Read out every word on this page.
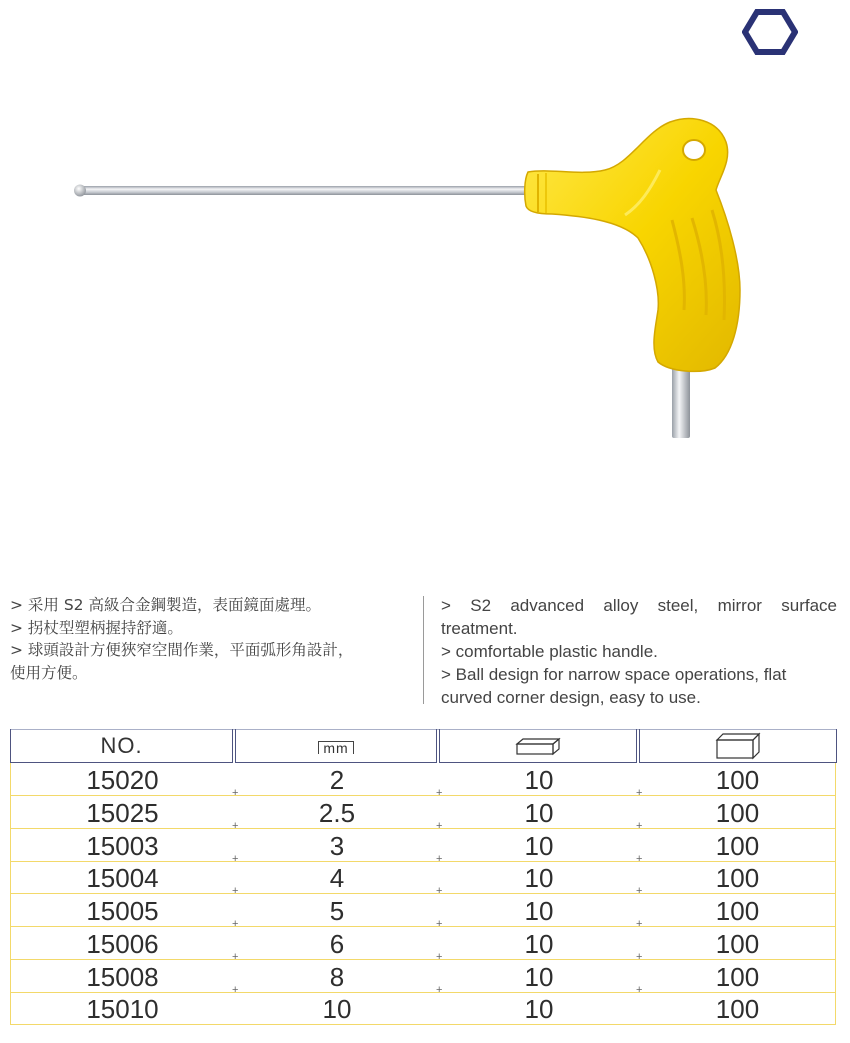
> 采用 S2 高級合金鋼製造，表面鏡面處理。
> 拐杖型塑柄握持舒適。
> 球頭設計方便狹窄空間作業，平面弧形角設計，
使用方便。
> S2 advanced alloy steel, mirror surface
treatment.
> comfortable plastic handle.
> Ball design for narrow space operations, flat
curved corner design, easy to use.
NO.	mm
15020	2	10	100
+	+	+
15025	2.5	10	100
+	+	+
15003	3	10	100
+	+	+
15004	4	10	100
+	+	+
15005	5	10	100
+	+	+
15006	6	10	100
+	+	+
15008	8	10	100
+	+	+
15010	10	10	100
